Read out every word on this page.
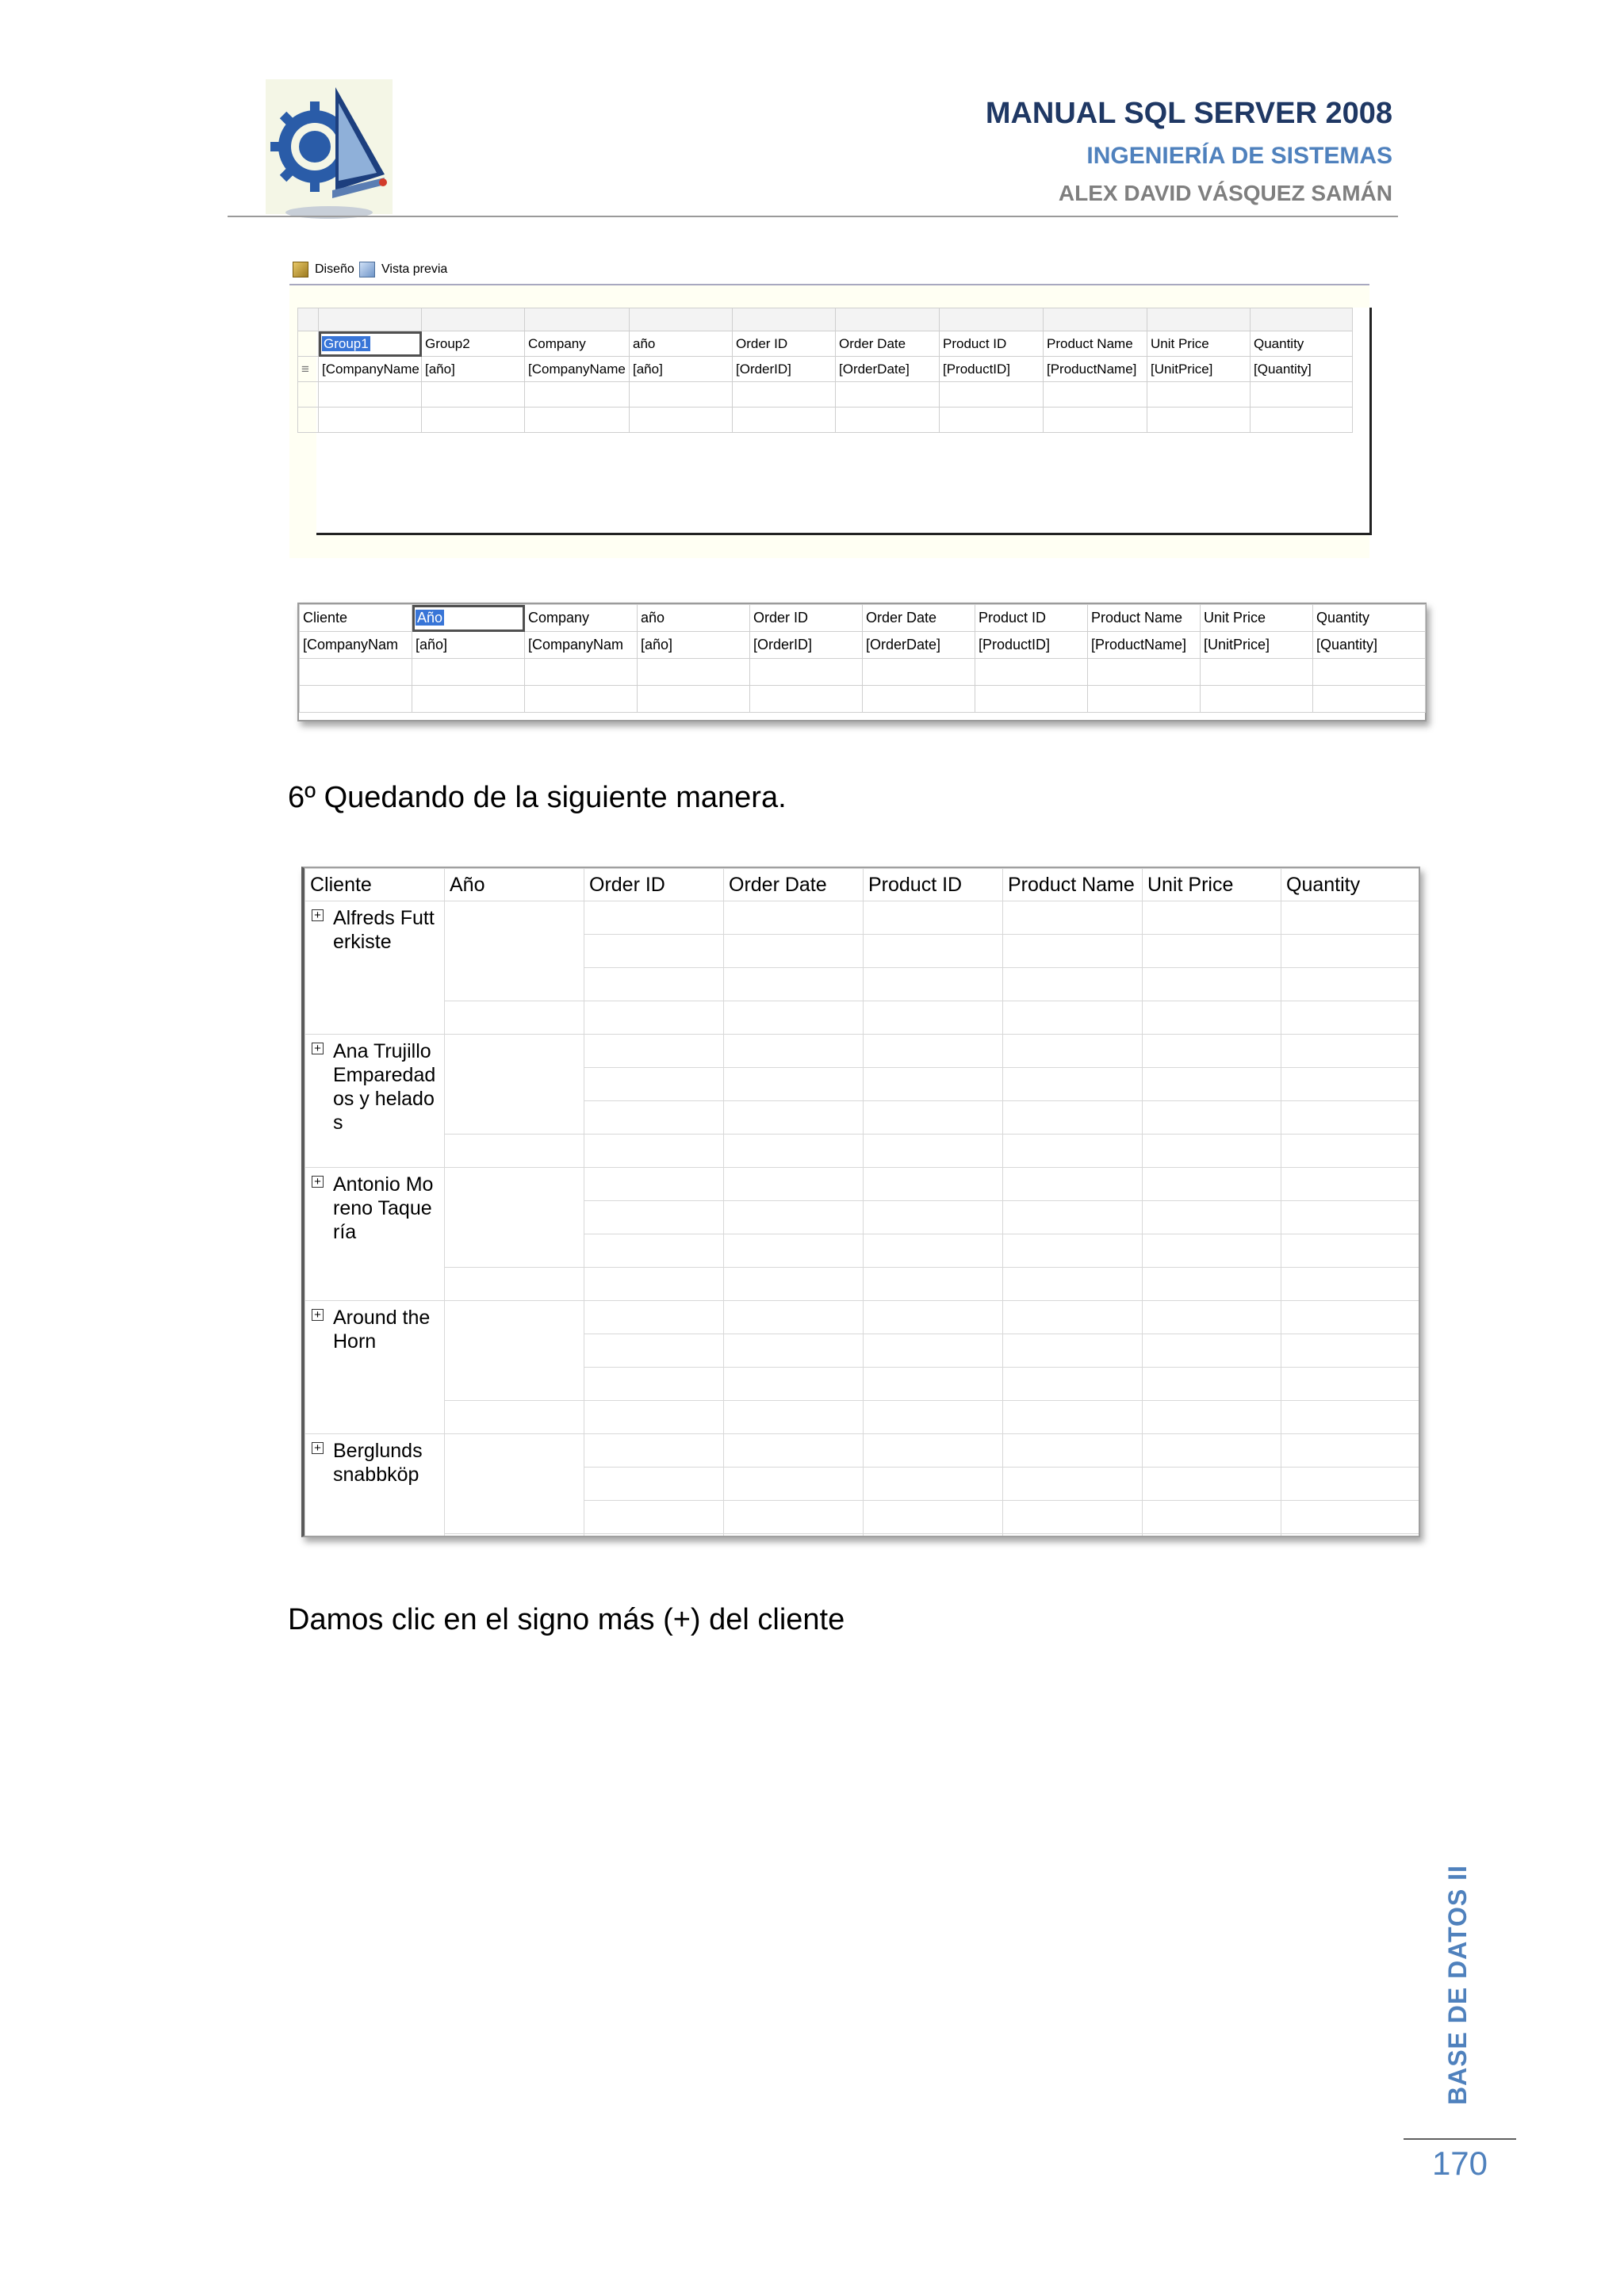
MANUAL SQL SERVER 2008
INGENIERÍA DE SISTEMAS
ALEX DAVID VÁSQUEZ SAMÁN
Diseño	Vista previa

	Group1	Group2	Company	año	Order ID	Order Date	Product ID	Product Name	Unit Price	Quantity
≡	[CompanyName	[año]	[CompanyName	[año]	[OrderID]	[OrderDate]	[ProductID]	[ProductName]	[UnitPrice]	[Quantity]

Cliente	Año	Company	año	Order ID	Order Date	Product ID	Product Name	Unit Price	Quantity
[CompanyNam	[año]	[CompanyNam	[año]	[OrderID]	[OrderDate]	[ProductID]	[ProductName]	[UnitPrice]	[Quantity]

6º Quedando de la siguiente manera.
Cliente	Año	Order ID	Order Date	Product ID	Product Name	Unit Price	Quantity

+ Alfreds Futterkiste							

+ Ana Trujillo Emparedados y helados							

+ Antonio Moreno Taquería							

+ Around the Horn							

+ Berglunds snabbköp							

Damos clic en el signo más (+) del cliente
BASE DE DATOS II
170
